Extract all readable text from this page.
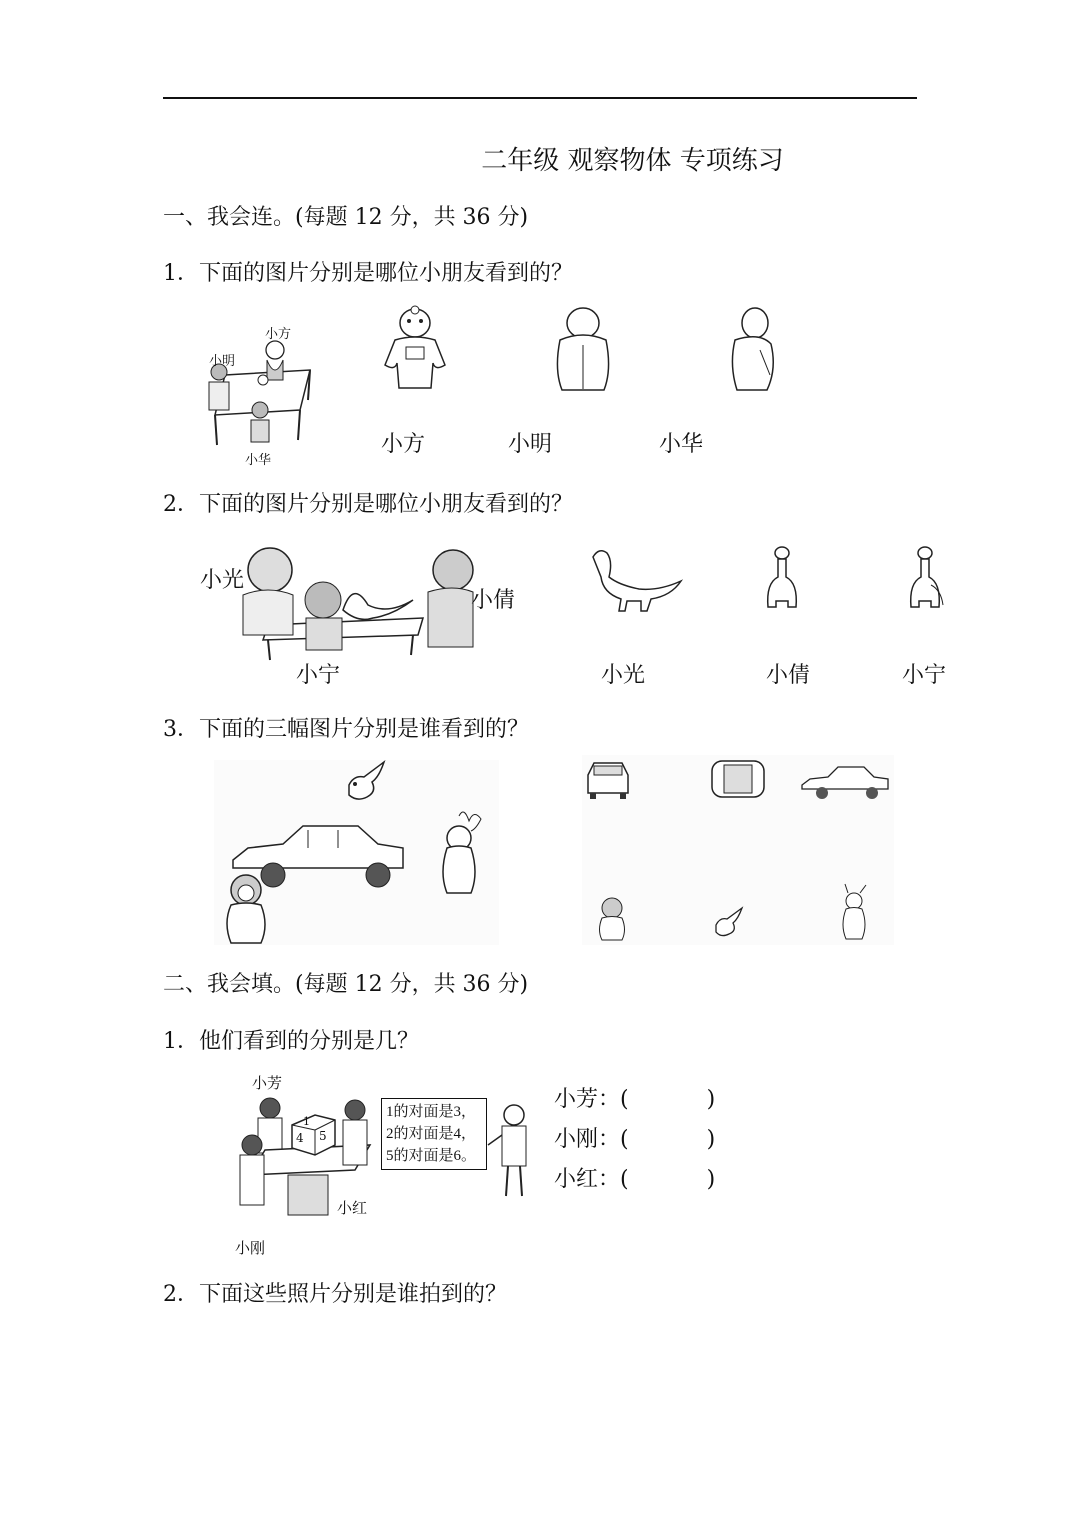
二年级 观察物体 专项练习
一、我会连。(每题 12 分，共 36 分)
1．下面的图片分别是哪位小朋友看到的？
小方
小明
小华
小方	小明	小华
2．下面的图片分别是哪位小朋友看到的？
小光
小倩
小宁	小光	小倩	小宁
3．下面的三幅图片分别是谁看到的？
二、我会填。(每题 12 分，共 36 分)
1．他们看到的分别是几？
4 5
1
小芳
小红
小刚
1的对面是3，
2的对面是4，
5的对面是6。
小芳：(	)
小刚：(	)
小红：(	)
2．下面这些照片分别是谁拍到的？
